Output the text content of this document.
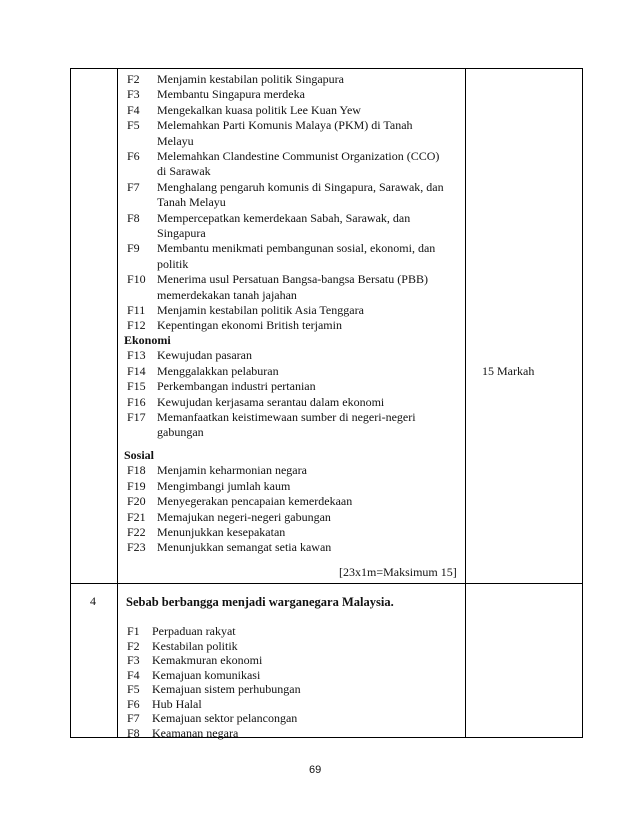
F2 Menjamin kestabilan politik Singapura
F3 Membantu Singapura merdeka
F4 Mengekalkan kuasa politik Lee Kuan Yew
F5 Melemahkan Parti Komunis Malaya (PKM) di Tanah
Melayu
F6 Melemahkan Clandestine Communist Organization (CCO)
di Sarawak
F7 Menghalang pengaruh komunis di Singapura, Sarawak, dan
Tanah Melayu
F8 Mempercepatkan kemerdekaan Sabah, Sarawak, dan
Singapura
F9 Membantu menikmati pembangunan sosial, ekonomi, dan
politik
F10 Menerima usul Persatuan Bangsa-bangsa Bersatu (PBB)
memerdekakan tanah jajahan
F11 Menjamin kestabilan politik Asia Tenggara
F12 Kepentingan ekonomi British terjamin
Ekonomi
F13 Kewujudan pasaran
F14 Menggalakkan pelaburan
F15 Perkembangan industri pertanian
F16 Kewujudan kerjasama serantau dalam ekonomi
F17 Memanfaatkan keistimewaan sumber di negeri-negeri
gabungan
Sosial
F18 Menjamin keharmonian negara
F19 Mengimbangi jumlah kaum
F20 Menyegerakan pencapaian kemerdekaan
F21 Memajukan negeri-negeri gabungan
F22 Menunjukkan kesepakatan
F23 Menunjukkan semangat setia kawan
F1 Perpaduan rakyat
F2 Kestabilan politik
F3 Kemakmuran ekonomi
F4 Kemajuan komunikasi
F5 Kemajuan sistem perhubungan
F6 Hub Halal
F7 Kemajuan sektor pelancongan
F8 Keamanan negara
15 Markah
[23x1m=Maksimum 15]
4 Sebab berbangga menjadi warganegara Malaysia.
69
